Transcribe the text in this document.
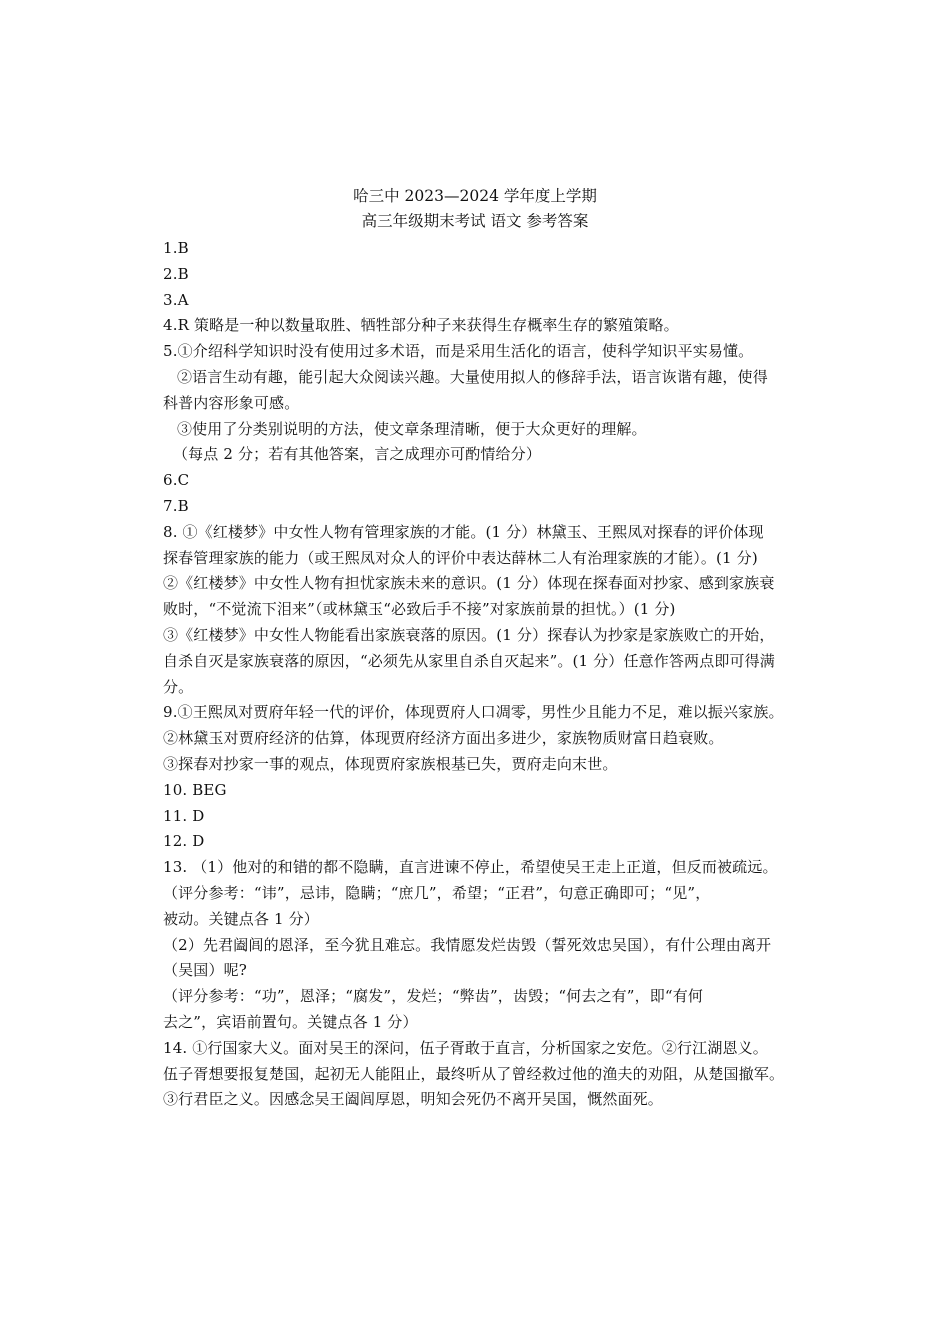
哈三中 2023—2024 学年度上学期

高三年级期末考试 语文 参考答案

1.B

2.B

3.A

4.R 策略是一种以数量取胜、牺牲部分种子来获得生存概率生存的繁殖策略。

5.①介绍科学知识时没有使用过多术语，而是采用生活化的语言，使科学知识平实易懂。

②语言生动有趣，能引起大众阅读兴趣。大量使用拟人的修辞手法，语言诙谐有趣，使得

科普内容形象可感。

③使用了分类别说明的方法，使文章条理清晰，便于大众更好的理解。

（每点 2 分；若有其他答案，言之成理亦可酌情给分）

6.C

7.B

8. ①《红楼梦》中女性人物有管理家族的才能。(1 分）林黛玉、王熙凤对探春的评价体现

探春管理家族的能力（或王熙凤对众人的评价中表达薛林二人有治理家族的才能）。(1 分)

②《红楼梦》中女性人物有担忧家族未来的意识。(1 分）体现在探春面对抄家、感到家族衰

败时，“不觉流下泪来”（或林黛玉“必致后手不接”对家族前景的担忧。）(1 分)

③《红楼梦》中女性人物能看出家族衰落的原因。(1 分）探春认为抄家是家族败亡的开始，

自杀自灭是家族衰落的原因，“必须先从家里自杀自灭起来”。(1 分）任意作答两点即可得满

分。

9.①王熙凤对贾府年轻一代的评价，体现贾府人口凋零，男性少且能力不足，难以振兴家族。

②林黛玉对贾府经济的估算，体现贾府经济方面出多进少，家族物质财富日趋衰败。

③探春对抄家一事的观点，体现贾府家族根基已失，贾府走向末世。

10. BEG

11. D

12. D

13. （1）他对的和错的都不隐瞒，直言进谏不停止，希望使吴王走上正道，但反而被疏远。

（评分参考：“讳”，忌讳，隐瞒；“庶几”，希望；“正君”，句意正确即可；“见”，

被动。关键点各 1 分）

（2）先君阖闾的恩泽，至今犹且难忘。我情愿发烂齿毁（誓死效忠吴国），有什公理由离开

（吴国）呢?

（评分参考：“功”，恩泽；“腐发”，发烂；“弊齿”，齿毁；“何去之有”，即“有何

去之”，宾语前置句。关键点各 1 分）

14. ①行国家大义。面对吴王的深问，伍子胥敢于直言，分析国家之安危。②行江湖恩义。

伍子胥想要报复楚国，起初无人能阻止，最终听从了曾经救过他的渔夫的劝阻，从楚国撤军。

③行君臣之义。因感念吴王阖闾厚恩，明知会死仍不离开吴国，慨然面死。
